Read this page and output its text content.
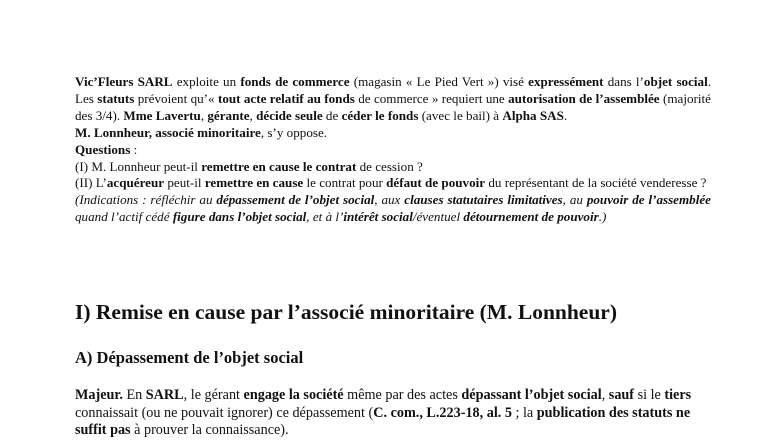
Vic’Fleurs SARL exploite un fonds de commerce (magasin « Le Pied Vert ») visé expressément dans l’objet social. Les statuts prévoient qu’« tout acte relatif au fonds de commerce » requiert une autorisation de l’assemblée (majorité des 3/4). Mme Lavertu, gérante, décide seule de céder le fonds (avec le bail) à Alpha SAS.

M. Lonnheur, associé minoritaire, s’y oppose.

Questions :

(I) M. Lonnheur peut-il remettre en cause le contrat de cession ?

(II) L’acquéreur peut-il remettre en cause le contrat pour défaut de pouvoir du représentant de la société venderesse ?

(Indications : réfléchir au dépassement de l’objet social, aux clauses statutaires limitatives, au pouvoir de l’assemblée quand l’actif cédé figure dans l’objet social, et à l’intérêt social/éventuel détournement de pouvoir.)

I) Remise en cause par l’associé minoritaire (M. Lonnheur)
A) Dépassement de l’objet social

Majeur. En SARL, le gérant engage la société même par des actes dépassant l’objet social, sauf si le tiers connaissait (ou ne pouvait ignorer) ce dépassement (C. com., L.223-18, al. 5 ; la publication des statuts ne suffit pas à prouver la connaissance).
